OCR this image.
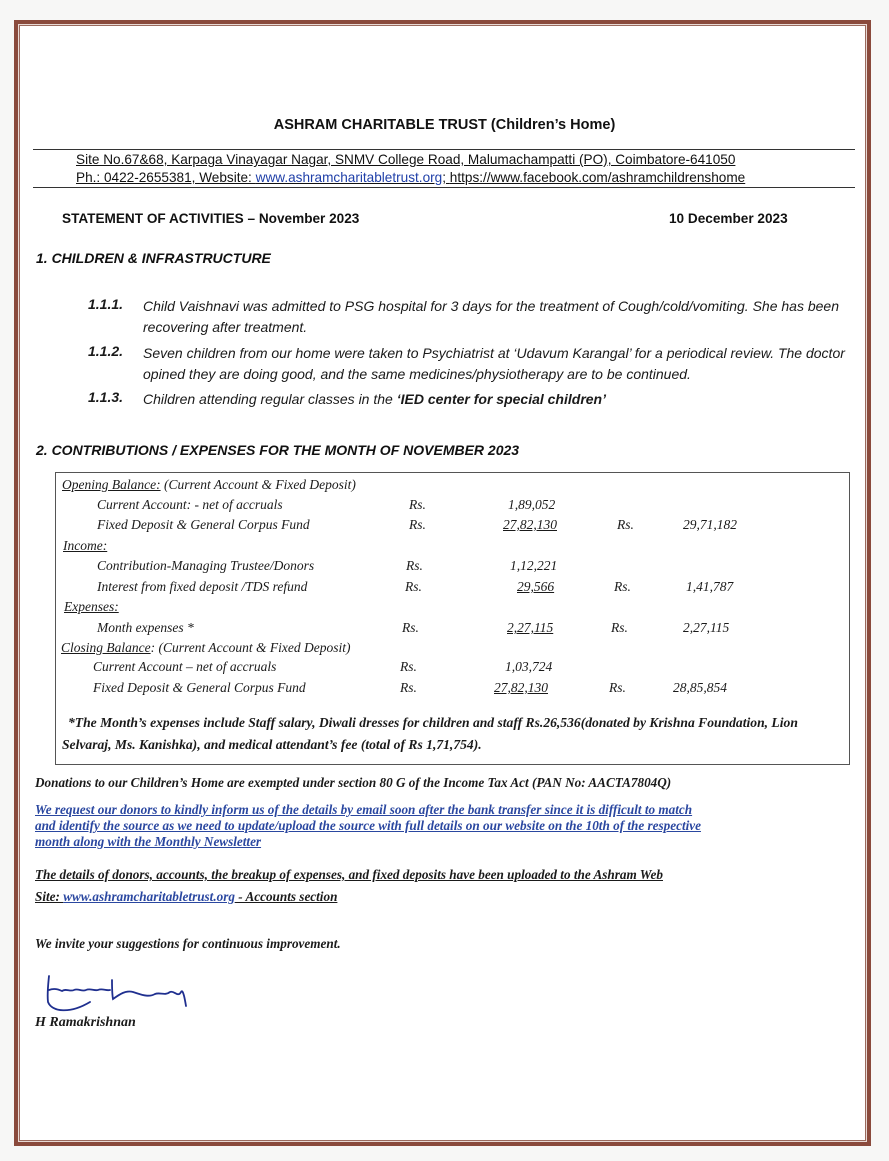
ASHRAM CHARITABLE TRUST (Children’s Home)
Site No.67&68, Karpaga Vinayagar Nagar, SNMV College Road, Malumachampatti (PO), Coimbatore-641050
Ph.: 0422-2655381, Website: www.ashramcharitabletrust.org; https://www.facebook.com/ashramchildrenshome
STATEMENT OF ACTIVITIES – November 2023	10 December 2023
1. CHILDREN & INFRASTRUCTURE
1.1.1. Child Vaishnavi was admitted to PSG hospital for 3 days for the treatment of Cough/cold/vomiting. She has been recovering after treatment.
1.1.2. Seven children from our home were taken to Psychiatrist at ‘Udavum Karangal’ for a periodical review. The doctor opined they are doing good, and the same medicines/physiotherapy are to be continued.
1.1.3. Children attending regular classes in the ‘IED center for special children’
2. CONTRIBUTIONS / EXPENSES FOR THE MONTH OF NOVEMBER 2023
Opening Balance: (Current Account & Fixed Deposit)
Current Account: - net of accruals	Rs.	1,89,052
Fixed Deposit & General Corpus Fund	Rs.	27,82,130	Rs.	29,71,182
Income:
Contribution-Managing Trustee/Donors	Rs.	1,12,221
Interest from fixed deposit /TDS refund	Rs.	29,566	Rs.	1,41,787
Expenses:
Month expenses *	Rs.	2,27,115	Rs.	2,27,115
Closing Balance: (Current Account & Fixed Deposit)
Current Account – net of accruals	Rs.	1,03,724
Fixed Deposit & General Corpus Fund	Rs.	27,82,130	Rs.	28,85,854
*The Month’s expenses include Staff salary, Diwali dresses for children and staff Rs.26,536(donated by Krishna Foundation, Lion Selvaraj, Ms. Kanishka), and medical attendant’s fee (total of Rs 1,71,754).
Donations to our Children’s Home are exempted under section 80 G of the Income Tax Act (PAN No: AACTA7804Q)
We request our donors to kindly inform us of the details by email soon after the bank transfer since it is difficult to match
and identify the source as we need to update/upload the source with full details on our website on the 10th of the respective
month along with the Monthly Newsletter
The details of donors, accounts, the breakup of expenses, and fixed deposits have been uploaded to the Ashram Web
Site: www.ashramcharitabletrust.org - Accounts section
We invite your suggestions for continuous improvement.
H Ramakrishnan
